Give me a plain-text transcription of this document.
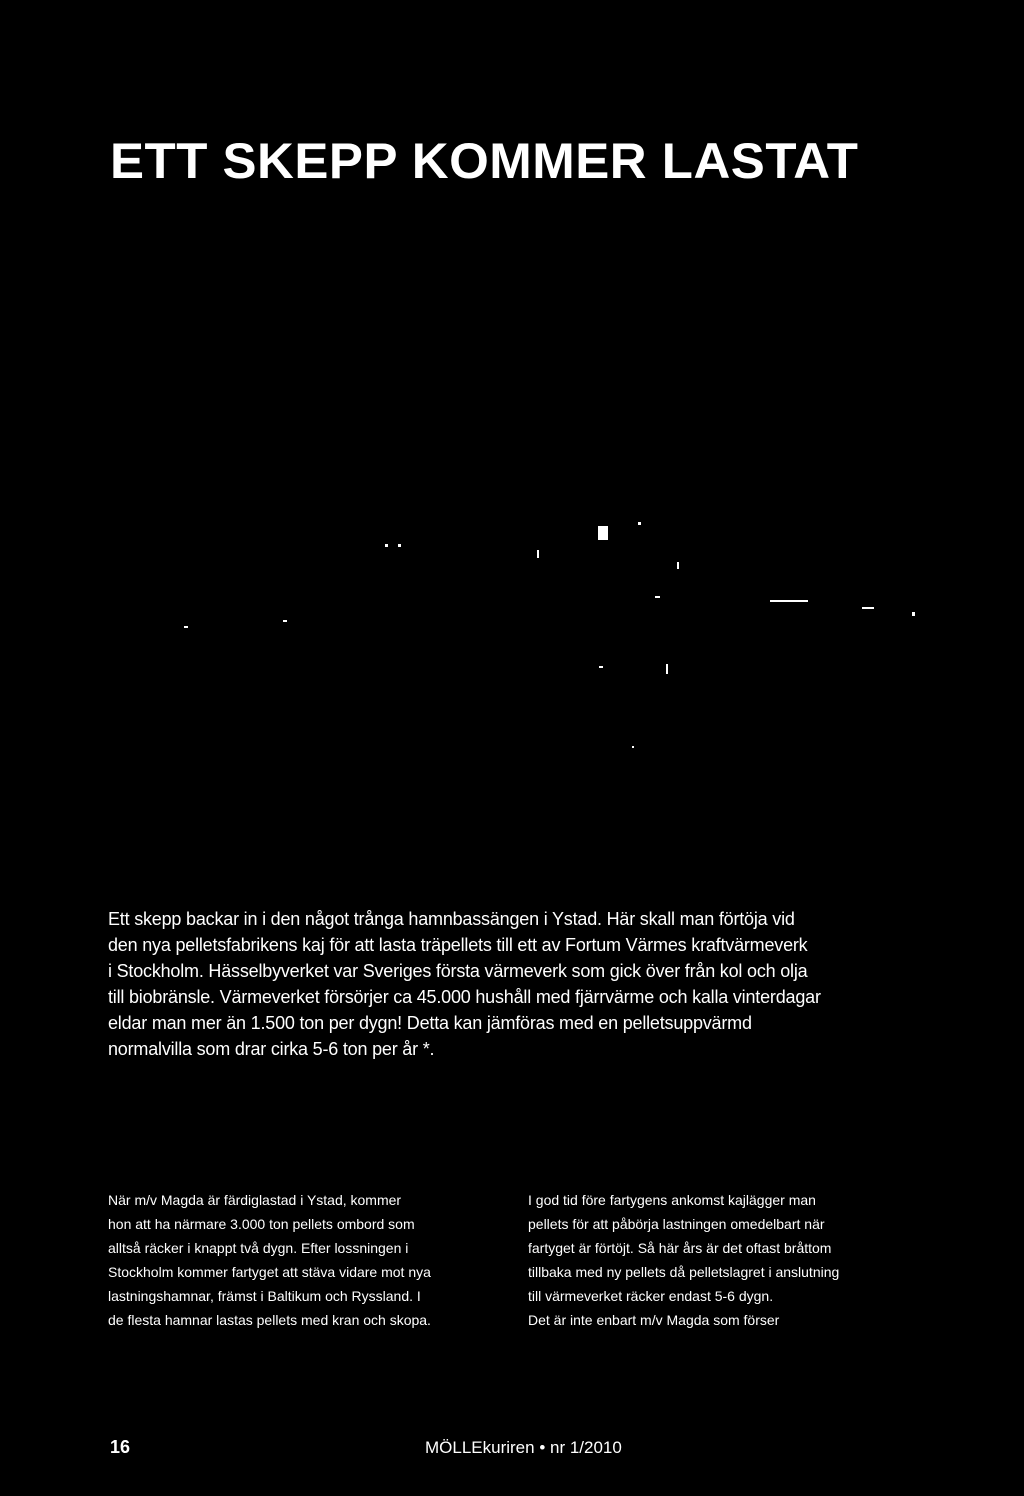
ETT SKEPP KOMMER LASTAT

Ett skepp backar in i den något trånga hamnbassängen i Ystad. Här skall man förtöja vid
den nya pelletsfabrikens kaj för att lasta träpellets till ett av Fortum Värmes kraftvärmeverk
i Stockholm. Hässelbyverket var Sveriges första värmeverk som gick över från kol och olja
till biobränsle. Värmeverket försörjer ca 45.000 hushåll med fjärrvärme och kalla vinterdagar
eldar man mer än 1.500 ton per dygn! Detta kan jämföras med en pelletsuppvärmd
normalvilla som drar cirka 5-6 ton per år *.

När m/v Magda är färdiglastad i Ystad, kommer
hon att ha närmare 3.000 ton pellets ombord som
alltså räcker i knappt två dygn. Efter lossningen i
Stockholm kommer fartyget att stäva vidare mot nya
lastningshamnar, främst i Baltikum och Ryssland. I
de flesta hamnar lastas pellets med kran och skopa.

I god tid före fartygens ankomst kajlägger man
pellets för att påbörja lastningen omedelbart när
fartyget är förtöjt. Så här års är det oftast bråttom
tillbaka med ny pellets då pelletslagret i anslutning
till värmeverket räcker endast 5-6 dygn.
Det är inte enbart m/v Magda som förser

16	MÖLLEkuriren • nr 1/2010
